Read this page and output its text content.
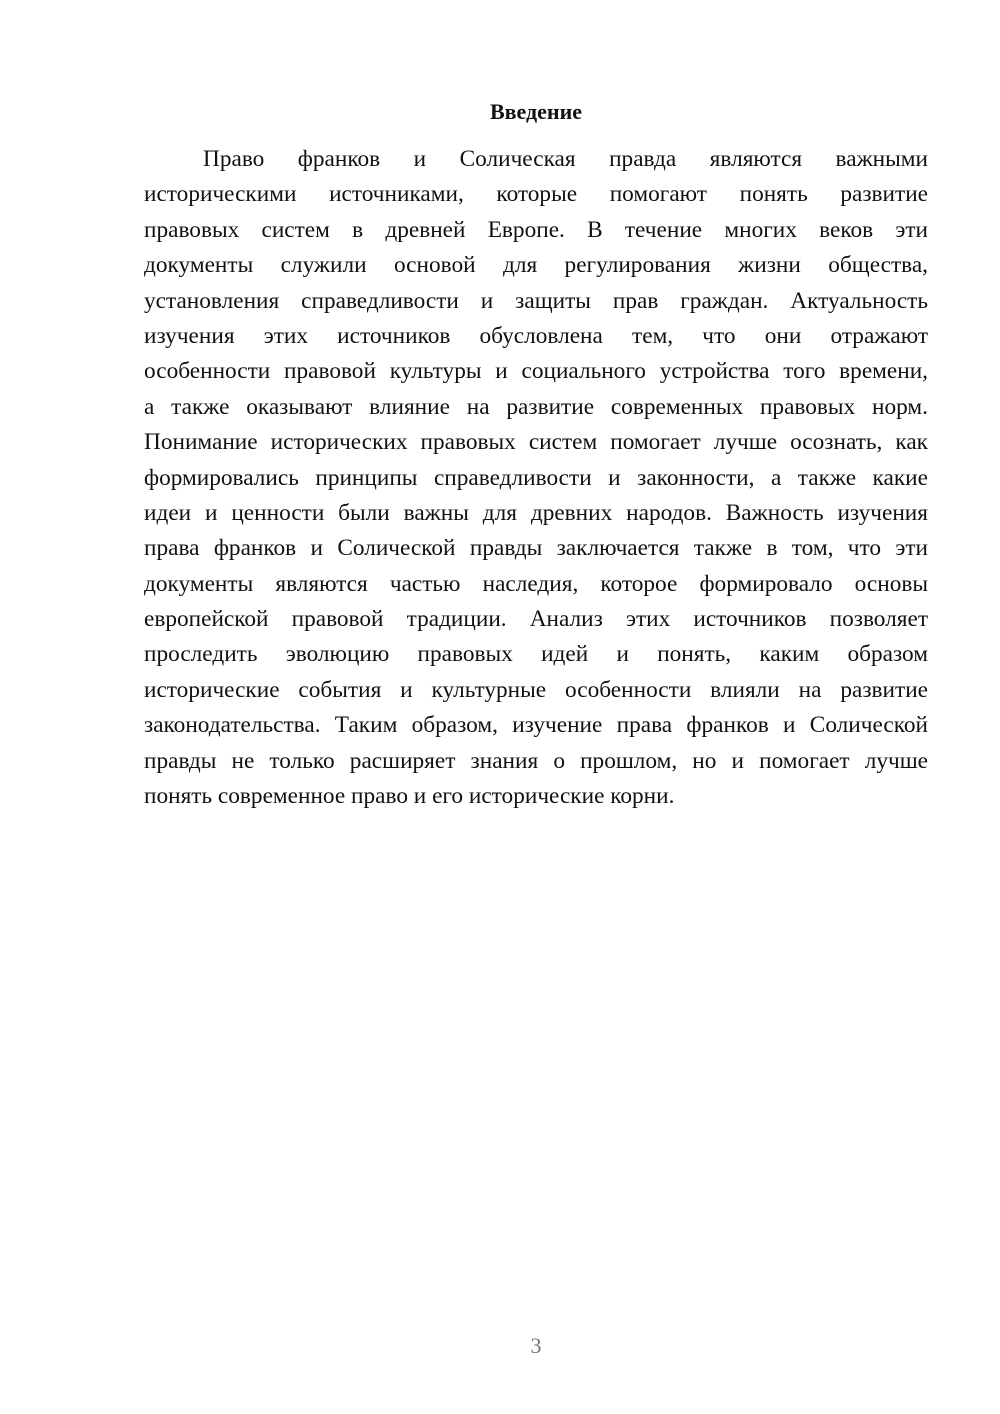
Введение
Право франков и Солическая правда являются важными
историческими источниками, которые помогают понять развитие
правовых систем в древней Европе. В течение многих веков эти
документы служили основой для регулирования жизни общества,
установления справедливости и защиты прав граждан. Актуальность
изучения этих источников обусловлена тем, что они отражают
особенности правовой культуры и социального устройства того времени,
а также оказывают влияние на развитие современных правовых норм.
Понимание исторических правовых систем помогает лучше осознать, как
формировались принципы справедливости и законности, а также какие
идеи и ценности были важны для древних народов. Важность изучения
права франков и Солической правды заключается также в том, что эти
документы являются частью наследия, которое формировало основы
европейской правовой традиции. Анализ этих источников позволяет
проследить эволюцию правовых идей и понять, каким образом
исторические события и культурные особенности влияли на развитие
законодательства. Таким образом, изучение права франков и Солической
правды не только расширяет знания о прошлом, но и помогает лучше
понять современное право и его исторические корни.
3
